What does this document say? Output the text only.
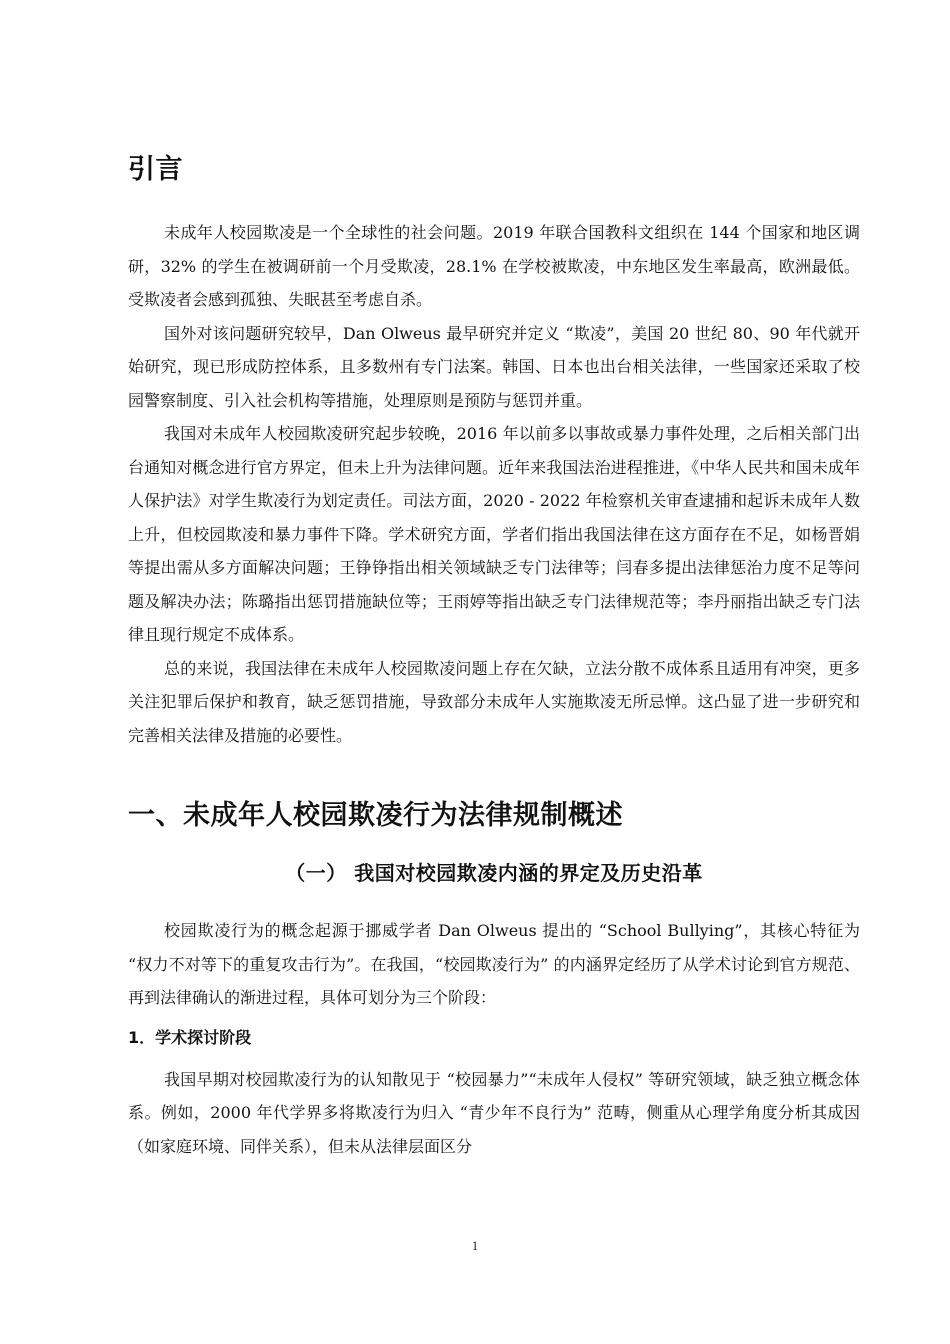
引言

未成年人校园欺凌是一个全球性的社会问题。2019 年联合国教科文组织在 144 个国家和地区调研，32% 的学生在被调研前一个月受欺凌，28.1% 在学校被欺凌，中东地区发生率最高，欧洲最低。受欺凌者会感到孤独、失眠甚至考虑自杀。

国外对该问题研究较早，Dan Olweus 最早研究并定义 “欺凌”，美国 20 世纪 80、90 年代就开始研究，现已形成防控体系，且多数州有专门法案。韩国、日本也出台相关法律，一些国家还采取了校园警察制度、引入社会机构等措施，处理原则是预防与惩罚并重。

我国对未成年人校园欺凌研究起步较晚，2016 年以前多以事故或暴力事件处理，之后相关部门出台通知对概念进行官方界定，但未上升为法律问题。近年来我国法治进程推进，《中华人民共和国未成年人保护法》对学生欺凌行为划定责任。司法方面，2020 - 2022 年检察机关审查逮捕和起诉未成年人数上升，但校园欺凌和暴力事件下降。学术研究方面，学者们指出我国法律在这方面存在不足，如杨晋娟等提出需从多方面解决问题；王铮铮指出相关领域缺乏专门法律等；闫春多提出法律惩治力度不足等问题及解决办法；陈璐指出惩罚措施缺位等；王雨婷等指出缺乏专门法律规范等；李丹丽指出缺乏专门法律且现行规定不成体系。

总的来说，我国法律在未成年人校园欺凌问题上存在欠缺，立法分散不成体系且适用有冲突，更多关注犯罪后保护和教育，缺乏惩罚措施，导致部分未成年人实施欺凌无所忌惮。这凸显了进一步研究和完善相关法律及措施的必要性。

一、未成年人校园欺凌行为法律规制概述
（一） 我国对校园欺凌内涵的界定及历史沿革

校园欺凌行为的概念起源于挪威学者 Dan Olweus 提出的 “School Bullying”，其核心特征为 “权力不对等下的重复攻击行为”。在我国，“校园欺凌行为” 的内涵界定经历了从学术讨论到官方规范、再到法律确认的渐进过程，具体可划分为三个阶段：

1．学术探讨阶段

我国早期对校园欺凌行为的认知散见于 “校园暴力”“未成年人侵权” 等研究领域，缺乏独立概念体系。例如，2000 年代学界多将欺凌行为归入 “青少年不良行为” 范畴，侧重从心理学角度分析其成因（如家庭环境、同伴关系），但未从法律层面区分

1
